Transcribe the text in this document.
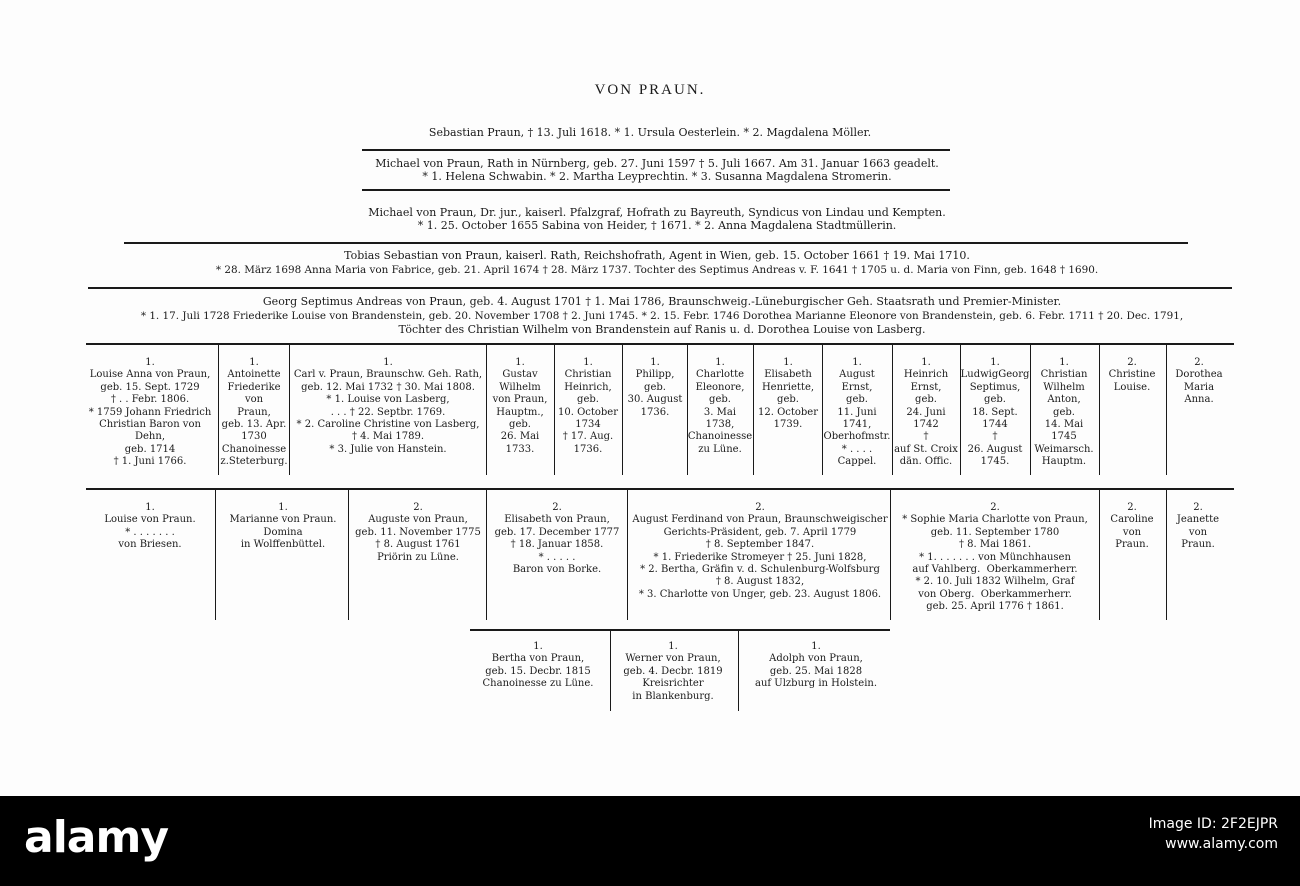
VON PRAUN.
Sebastian Praun, † 13. Juli 1618. * 1. Ursula Oesterlein. * 2. Magdalena Möller.
Michael von Praun, Rath in Nürnberg, geb. 27. Juni 1597 † 5. Juli 1667. Am 31. Januar 1663 geadelt.
* 1. Helena Schwabin. * 2. Martha Leyprechtin. * 3. Susanna Magdalena Stromerin.
Michael von Praun, Dr. jur., kaiserl. Pfalzgraf, Hofrath zu Bayreuth, Syndicus von Lindau und Kempten.
* 1. 25. October 1655 Sabina von Heider, † 1671. * 2. Anna Magdalena Stadtmüllerin.
Tobias Sebastian von Praun, kaiserl. Rath, Reichshofrath, Agent in Wien, geb. 15. October 1661 † 19. Mai 1710.
* 28. März 1698 Anna Maria von Fabrice, geb. 21. April 1674 † 28. März 1737. Tochter des Septimus Andreas v. F. 1641 † 1705 u. d. Maria von Finn, geb. 1648 † 1690.
Georg Septimus Andreas von Praun, geb. 4. August 1701 † 1. Mai 1786, Braunschweig.-Lüneburgischer Geh. Staatsrath und Premier-Minister.
* 1. 17. Juli 1728 Friederike Louise von Brandenstein, geb. 20. November 1708 † 2. Juni 1745. * 2. 15. Febr. 1746 Dorothea Marianne Eleonore von Brandenstein, geb. 6. Febr. 1711 † 20. Dec. 1791,
Töchter des Christian Wilhelm von Brandenstein auf Ranis u. d. Dorothea Louise von Lasberg.
1.
Louise Anna von Praun,
geb. 15. Sept. 1729
† . . Febr. 1806.
* 1759 Johann Friedrich
Christian Baron von
Dehn,
geb. 1714
† 1. Juni 1766.
1.
Antoinette
Friederike
von
Praun,
geb. 13. Apr.
1730
Chanoinesse
z.Steterburg.
1.
Carl v. Praun, Braunschw. Geh. Rath,
geb. 12. Mai 1732 † 30. Mai 1808.
* 1. Louise von Lasberg,
. . . † 22. Septbr. 1769.
* 2. Caroline Christine von Lasberg,
† 4. Mai 1789.
* 3. Julie von Hanstein.
1.
Gustav
Wilhelm
von Praun,
Hauptm.,
geb.
26. Mai
1733.
1.
Christian
Heinrich,
geb.
10. October
1734
† 17. Aug.
1736.
1.
Philipp,
geb.
30. August
1736.
1.
Charlotte
Eleonore,
geb.
3. Mai
1738,
Chanoinesse
zu Lüne.
1.
Elisabeth
Henriette,
geb.
12. October
1739.
1.
August
Ernst,
geb.
11. Juni
1741,
Oberhofmstr.
* . . . .
Cappel.
1.
Heinrich
Ernst,
geb.
24. Juni
1742
†
auf St. Croix
dän. Offic.
1.
LudwigGeorg
Septimus,
geb.
18. Sept.
1744
†
26. August
1745.
1.
Christian
Wilhelm
Anton,
geb.
14. Mai
1745
Weimarsch.
Hauptm.
2.
Christine
Louise.
2.
Dorothea
Maria
Anna.
1.
Louise von Praun.
* . . . . . . .
von Briesen.
1.
Marianne von Praun.
Domina
in Wolffenbüttel.
2.
Auguste von Praun,
geb. 11. November 1775
† 8. August 1761
Priörin zu Lüne.
2.
Elisabeth von Praun,
geb. 17. December 1777
† 18. Januar 1858.
* . . . . .
Baron von Borke.
2.
August Ferdinand von Praun, Braunschweigischer
Gerichts-Präsident, geb. 7. April 1779
† 8. September 1847.
* 1. Friederike Stromeyer † 25. Juni 1828,
* 2. Bertha, Gräfin v. d. Schulenburg-Wolfsburg
† 8. August 1832,
* 3. Charlotte von Unger, geb. 23. August 1806.
2.
* Sophie Maria Charlotte von Praun,
geb. 11. September 1780
† 8. Mai 1861.
* 1. . . . . . . von Münchhausen
auf Vahlberg.  Oberkammerherr.
* 2. 10. Juli 1832 Wilhelm, Graf
von Oberg.  Oberkammerherr.
geb. 25. April 1776 † 1861.
2.
Caroline
von
Praun.
2.
Jeanette
von
Praun.
1.
Bertha von Praun,
geb. 15. Decbr. 1815
Chanoinesse zu Lüne.
1.
Werner von Praun,
geb. 4. Decbr. 1819
Kreisrichter
in Blankenburg.
1.
Adolph von Praun,
geb. 25. Mai 1828
auf Ulzburg in Holstein.
alamy	Image ID: 2F2EJPR
www.alamy.com
